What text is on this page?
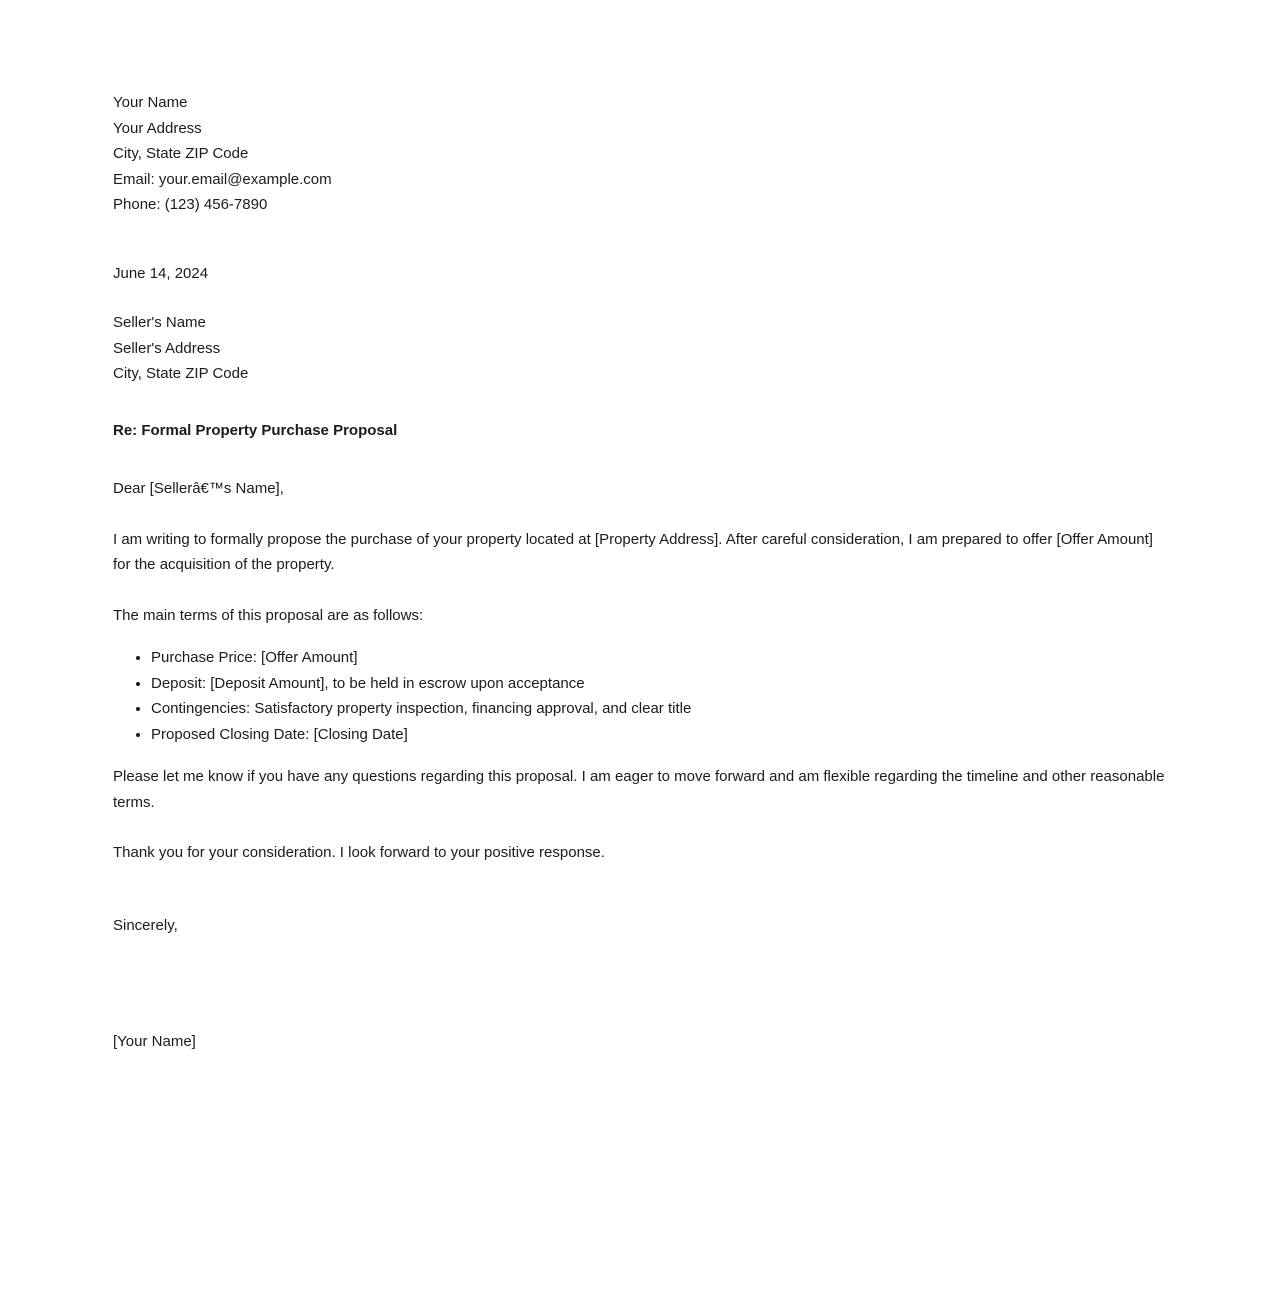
Your Name
Your Address
City, State ZIP Code
Email: your.email@example.com
Phone: (123) 456-7890
June 14, 2024
Seller's Name
Seller's Address
City, State ZIP Code
Re: Formal Property Purchase Proposal
Dear [Sellerâ€™s Name],

I am writing to formally propose the purchase of your property located at [Property Address]. After careful consideration, I am prepared to offer [Offer Amount] for the acquisition of the property.

The main terms of this proposal are as follows:

• Purchase Price: [Offer Amount]
• Deposit: [Deposit Amount], to be held in escrow upon acceptance
• Contingencies: Satisfactory property inspection, financing approval, and clear title
• Proposed Closing Date: [Closing Date]

Please let me know if you have any questions regarding this proposal. I am eager to move forward and am flexible regarding the timeline and other reasonable terms.

Thank you for your consideration. I look forward to your positive response.

Sincerely,
[Your Name]
